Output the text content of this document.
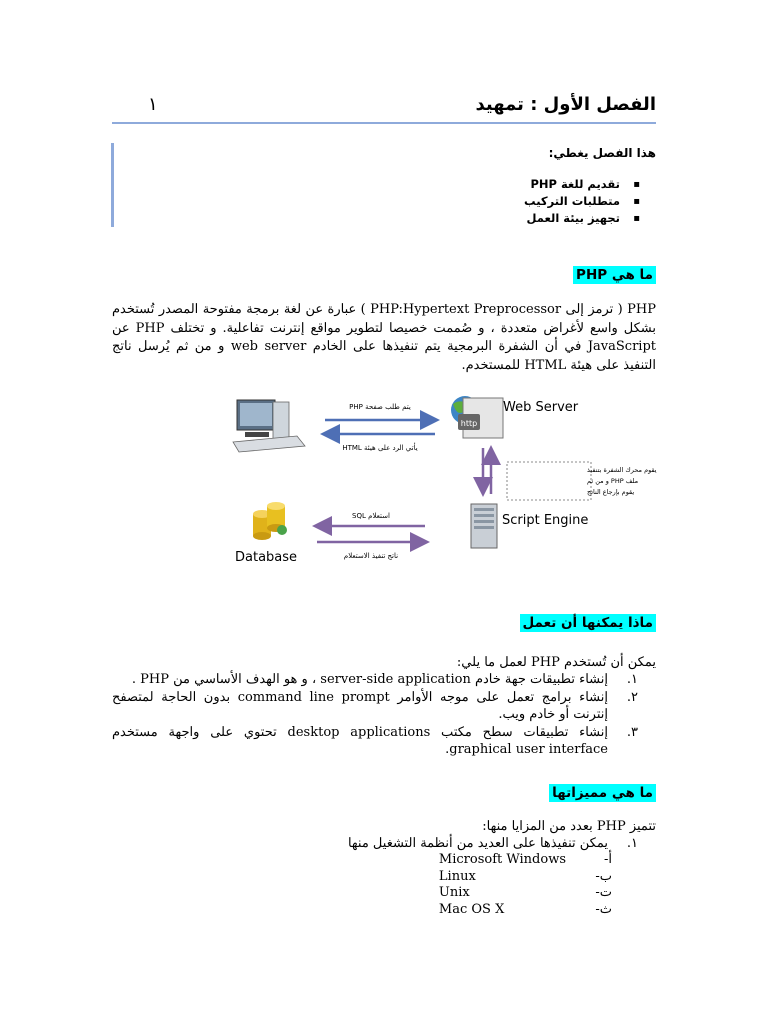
الفصل الأول : تمهيد
١
هذا الفصل يغطي:
▪ تقديم للغة PHP
▪ متطلبات التركيب
▪ تجهيز بيئة العمل
ما هي PHP
PHP ( ترمز إلى PHP:Hypertext Preprocessor ) عبارة عن لغة برمجة مفتوحة المصدر تُستخدم بشكل واسع لأغراض متعددة ، و صُممت خصيصا لتطوير مواقع إنترنت تفاعلية. و تختلف PHP عن JavaScript في أن الشفرة البرمجية يتم تنفيذها على الخادم web server و من ثم يُرسل ناتج التنفيذ على هيئة HTML للمستخدم.
http
Web Server
يتم طلب صفحة PHP
يأتي الرد على هيئة HTML
يقوم محرك الشفرة بتنفيذ
ملف PHP و من ثم
يقوم بإرجاع الناتج
Script Engine
استعلام SQL
ناتج تنفيذ الاستعلام
Database
ماذا يمكنها أن تعمل
يمكن أن تُستخدم PHP لعمل ما يلي:
١.
إنشاء تطبيقات جهة خادم server-side application ، و هو الهدف الأساسي من PHP .
٢.
إنشاء برامج تعمل على موجه الأوامر command line prompt بدون الحاجة لمتصفح إنترنت أو خادم ويب.
٣.
إنشاء تطبيقات سطح مكتب desktop applications تحتوي على واجهة مستخدم graphical user interface.
ما هي مميزاتها
تتميز PHP بعدد من المزايا منها:
١.
يمكن تنفيذها على العديد من أنظمة التشغيل منها
أ-
Microsoft Windows
ب-
Linux
ت-
Unix
ث-
Mac OS X
